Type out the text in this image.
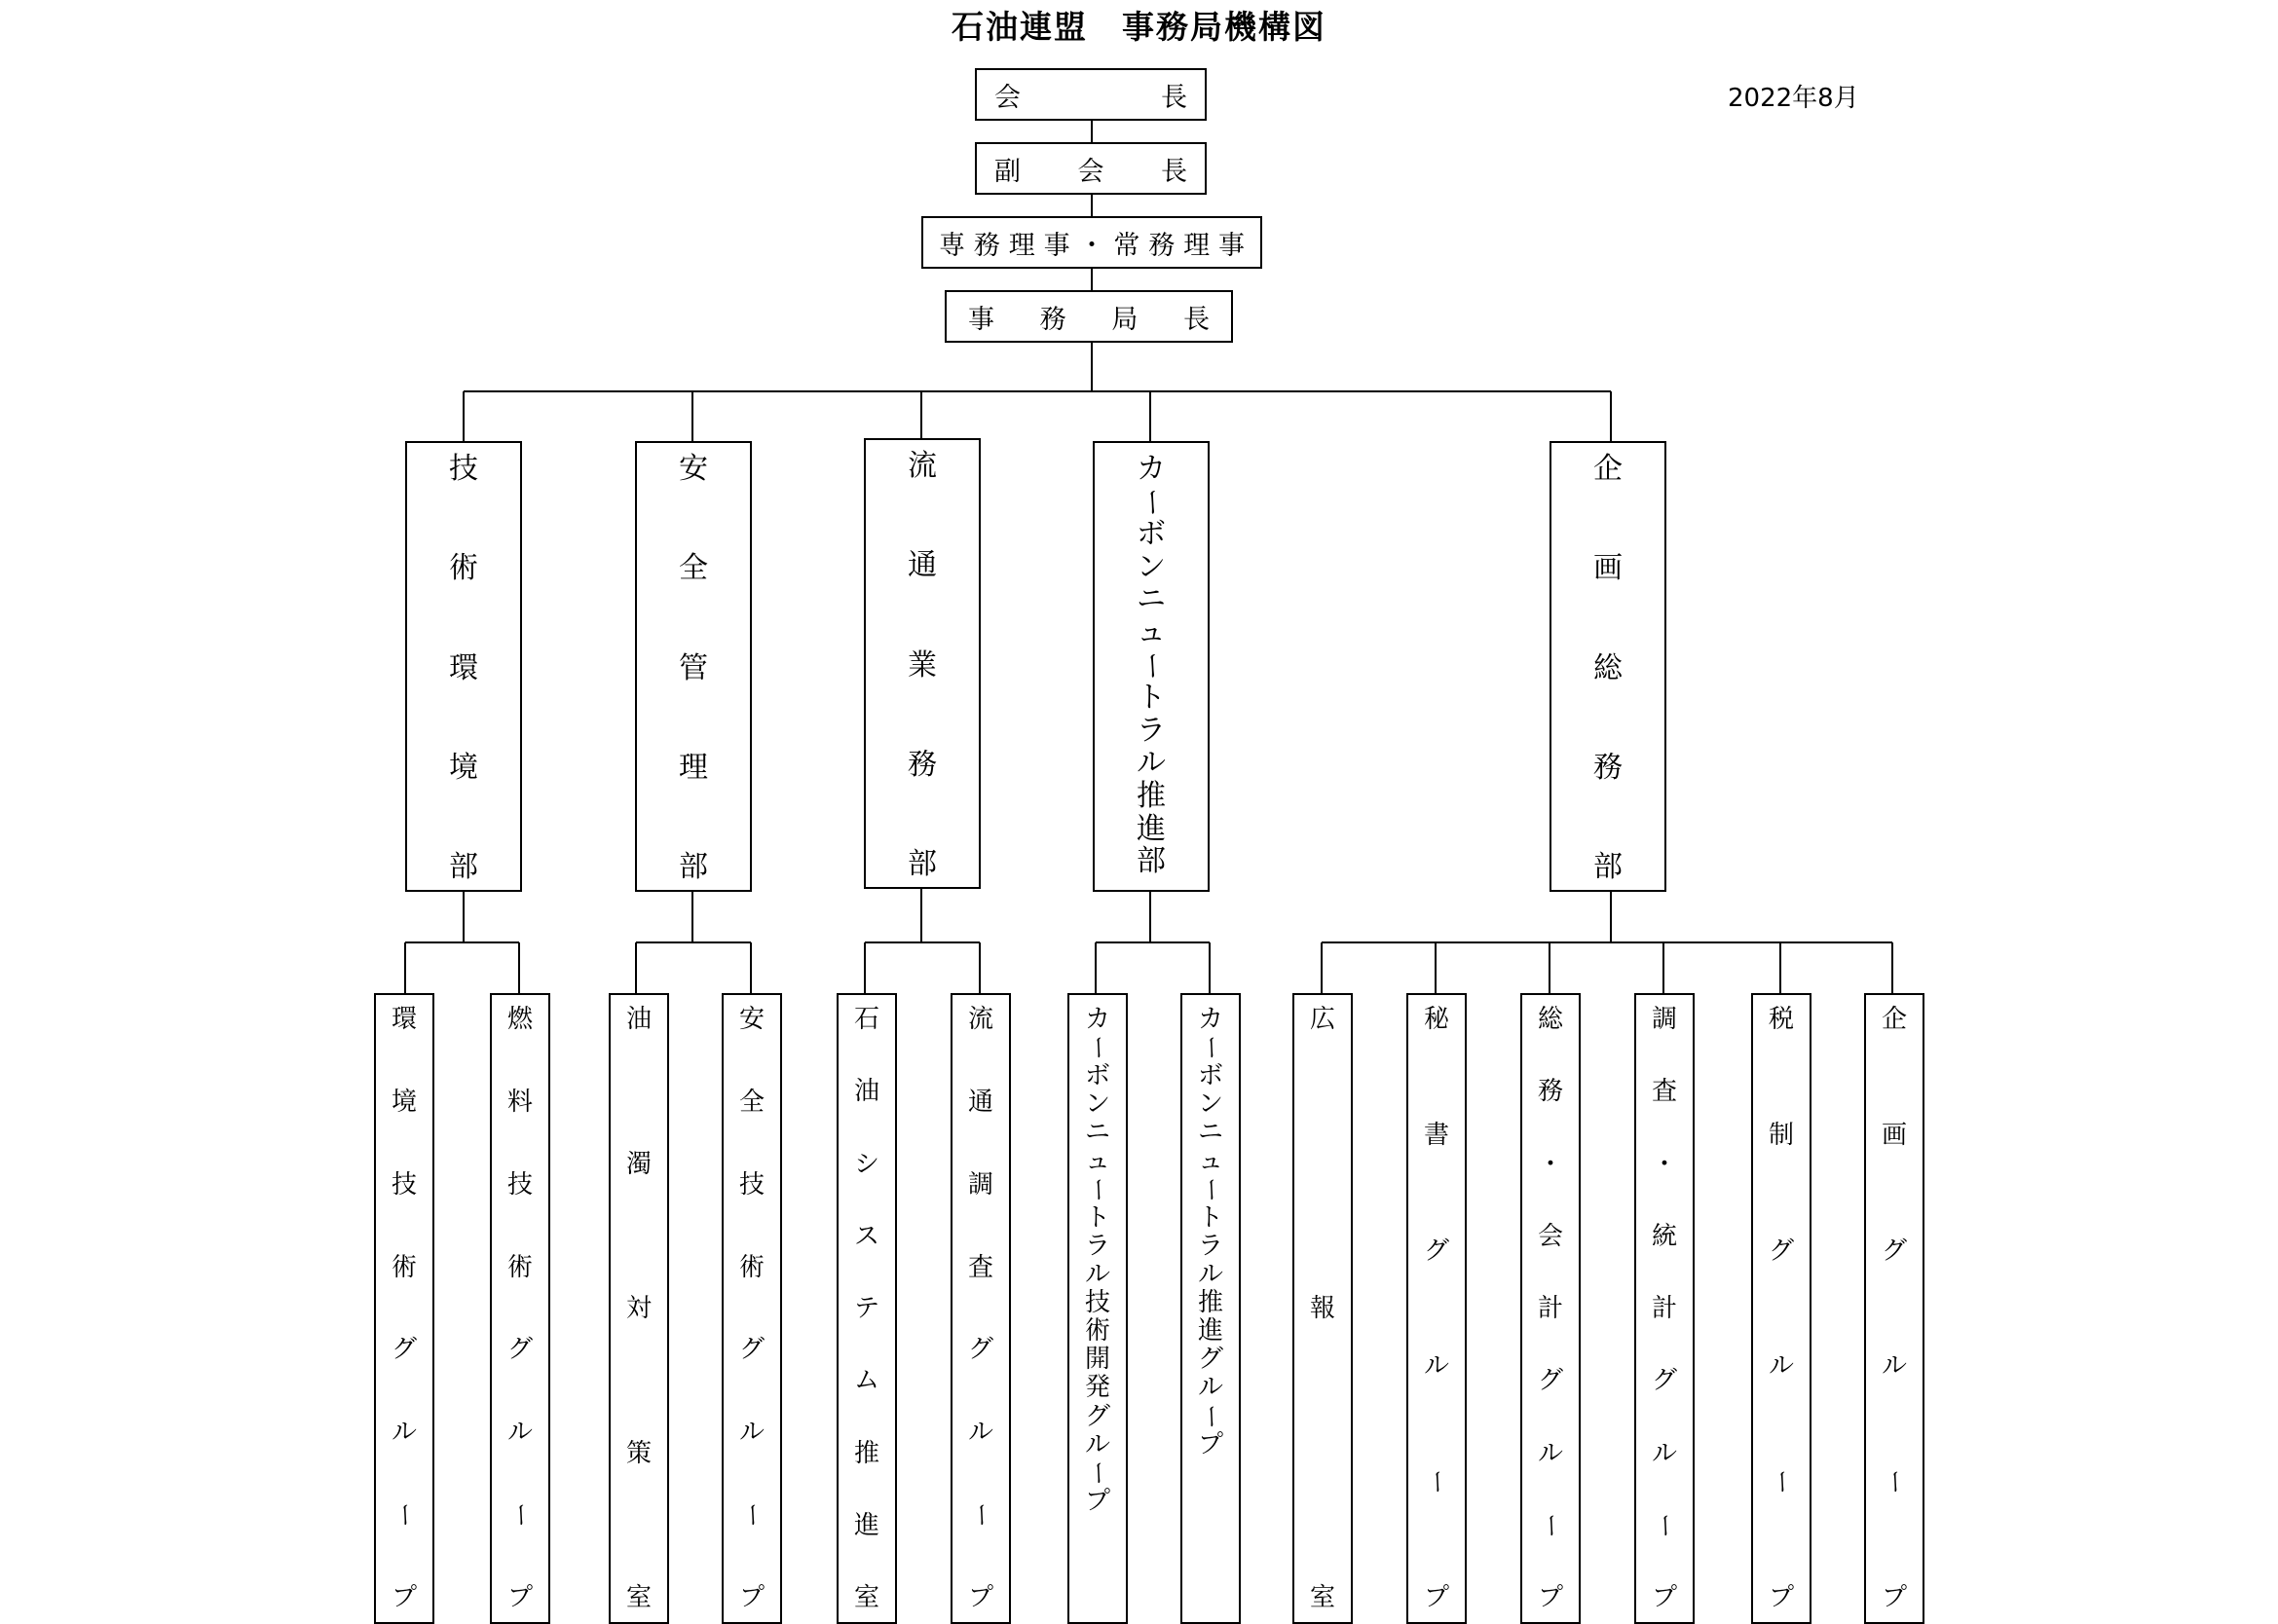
石油連盟　事務局機構図
2022年8月
会	長
副 会 長
専 務 理 事 ・ 常 務 理 事
事 務 局 長
技
術
環
境
部
安
全
管
理
部
流
通
業
務
部
カ
ー
ボ
ン
ニ
ュ
ー
ト
ラ
ル
推
進
部
企
画
総
務
部
環
境
技
術
グ
ル
ー
プ
燃
料
技
術
グ
ル
ー
プ
油
濁
対
策
室
安
全
技
術
グ
ル
ー
プ
石
油
シ
ス
テ
ム
推
進
室
流
通
調
査
グ
ル
ー
プ
カ
ー
ボ
ン
ニ
ュ
ー
ト
ラ
ル
技
術
開
発
グ
ル
ー
プ
カ
ー
ボ
ン
ニ
ュ
ー
ト
ラ
ル
推
進
グ
ル
ー
プ
広
報
室
秘
書
グ
ル
ー
プ
総
務
・
会
計
グ
ル
ー
プ
調
査
・
統
計
グ
ル
ー
プ
税
制
グ
ル
ー
プ
企
画
グ
ル
ー
プ
